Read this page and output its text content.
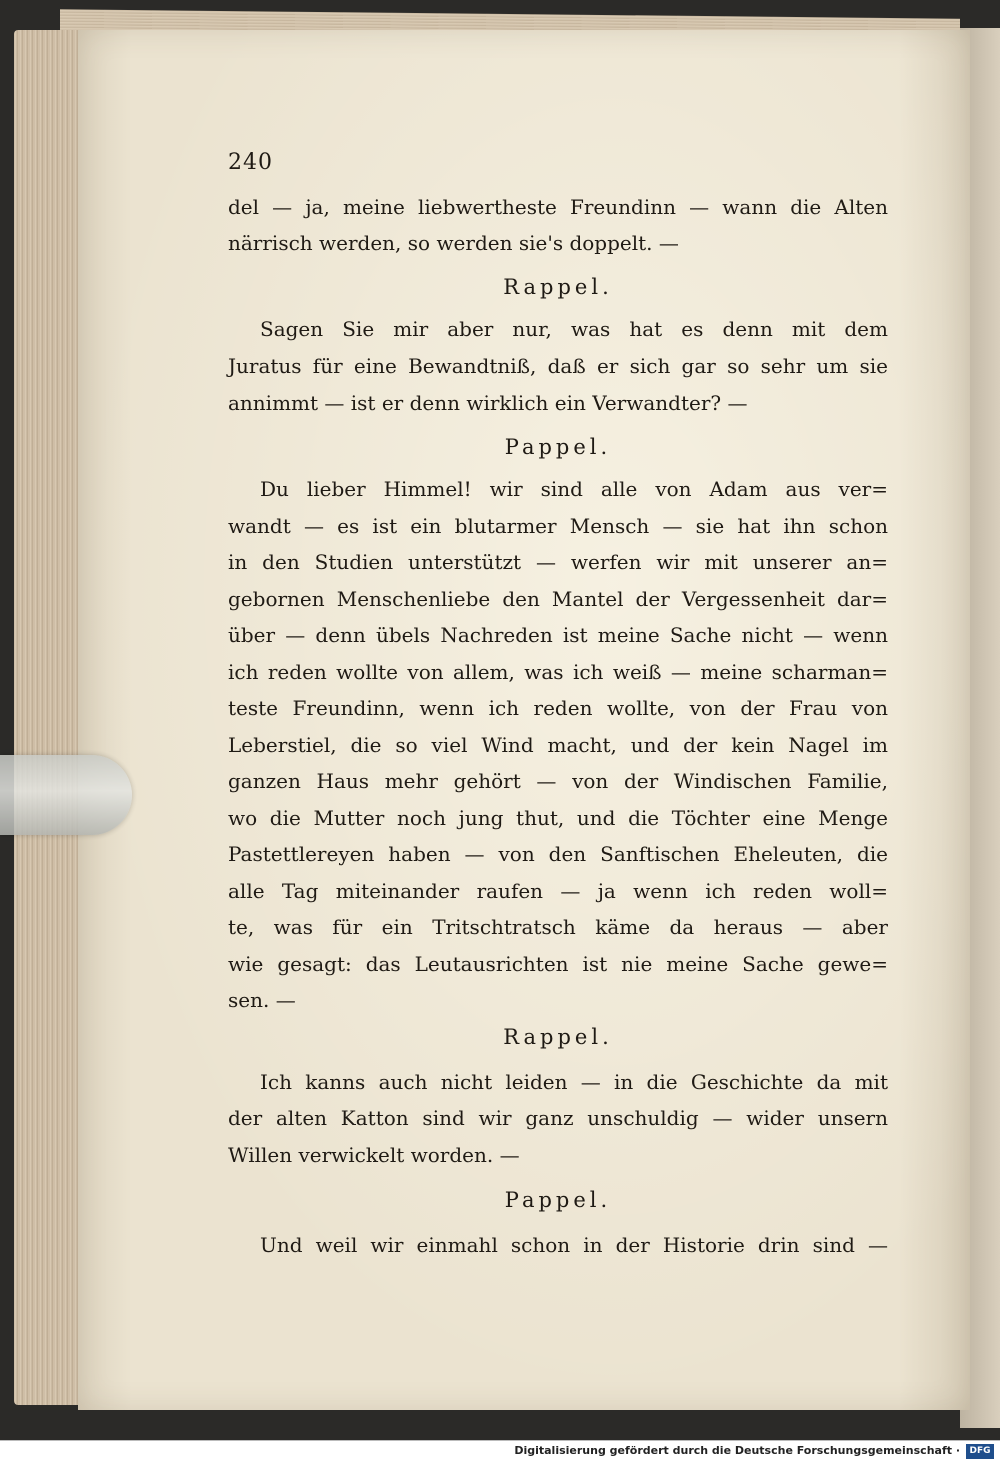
240
del — ja, meine liebwertheste Freundinn — wann die Alten
närrisch werden, so werden sie's doppelt. —
Rappel.
Sagen Sie mir aber nur, was hat es denn mit dem
Juratus für eine Bewandtniß, daß er sich gar so sehr um sie
annimmt — ist er denn wirklich ein Verwandter? —
Pappel.
Du lieber Himmel! wir sind alle von Adam aus ver=
wandt — es ist ein blutarmer Mensch — sie hat ihn schon
in den Studien unterstützt — werfen wir mit unserer an=
gebornen Menschenliebe den Mantel der Vergessenheit dar=
über — denn übels Nachreden ist meine Sache nicht — wenn
ich reden wollte von allem, was ich weiß — meine scharman=
teste Freundinn, wenn ich reden wollte, von der Frau von
Leberstiel, die so viel Wind macht, und der kein Nagel im
ganzen Haus mehr gehört — von der Windischen Familie,
wo die Mutter noch jung thut, und die Töchter eine Menge
Pastettlereyen haben — von den Sanftischen Eheleuten, die
alle Tag miteinander raufen — ja wenn ich reden woll=
te, was für ein Tritschtratsch käme da heraus — aber
wie gesagt: das Leutausrichten ist nie meine Sache gewe=
sen. —
Rappel.
Ich kanns auch nicht leiden — in die Geschichte da mit
der alten Katton sind wir ganz unschuldig — wider unsern
Willen verwickelt worden. —
Pappel.
Und weil wir einmahl schon in der Historie drin sind —
Digitalisierung gefördert durch die Deutsche Forschungsgemeinschaft ·	DFG
